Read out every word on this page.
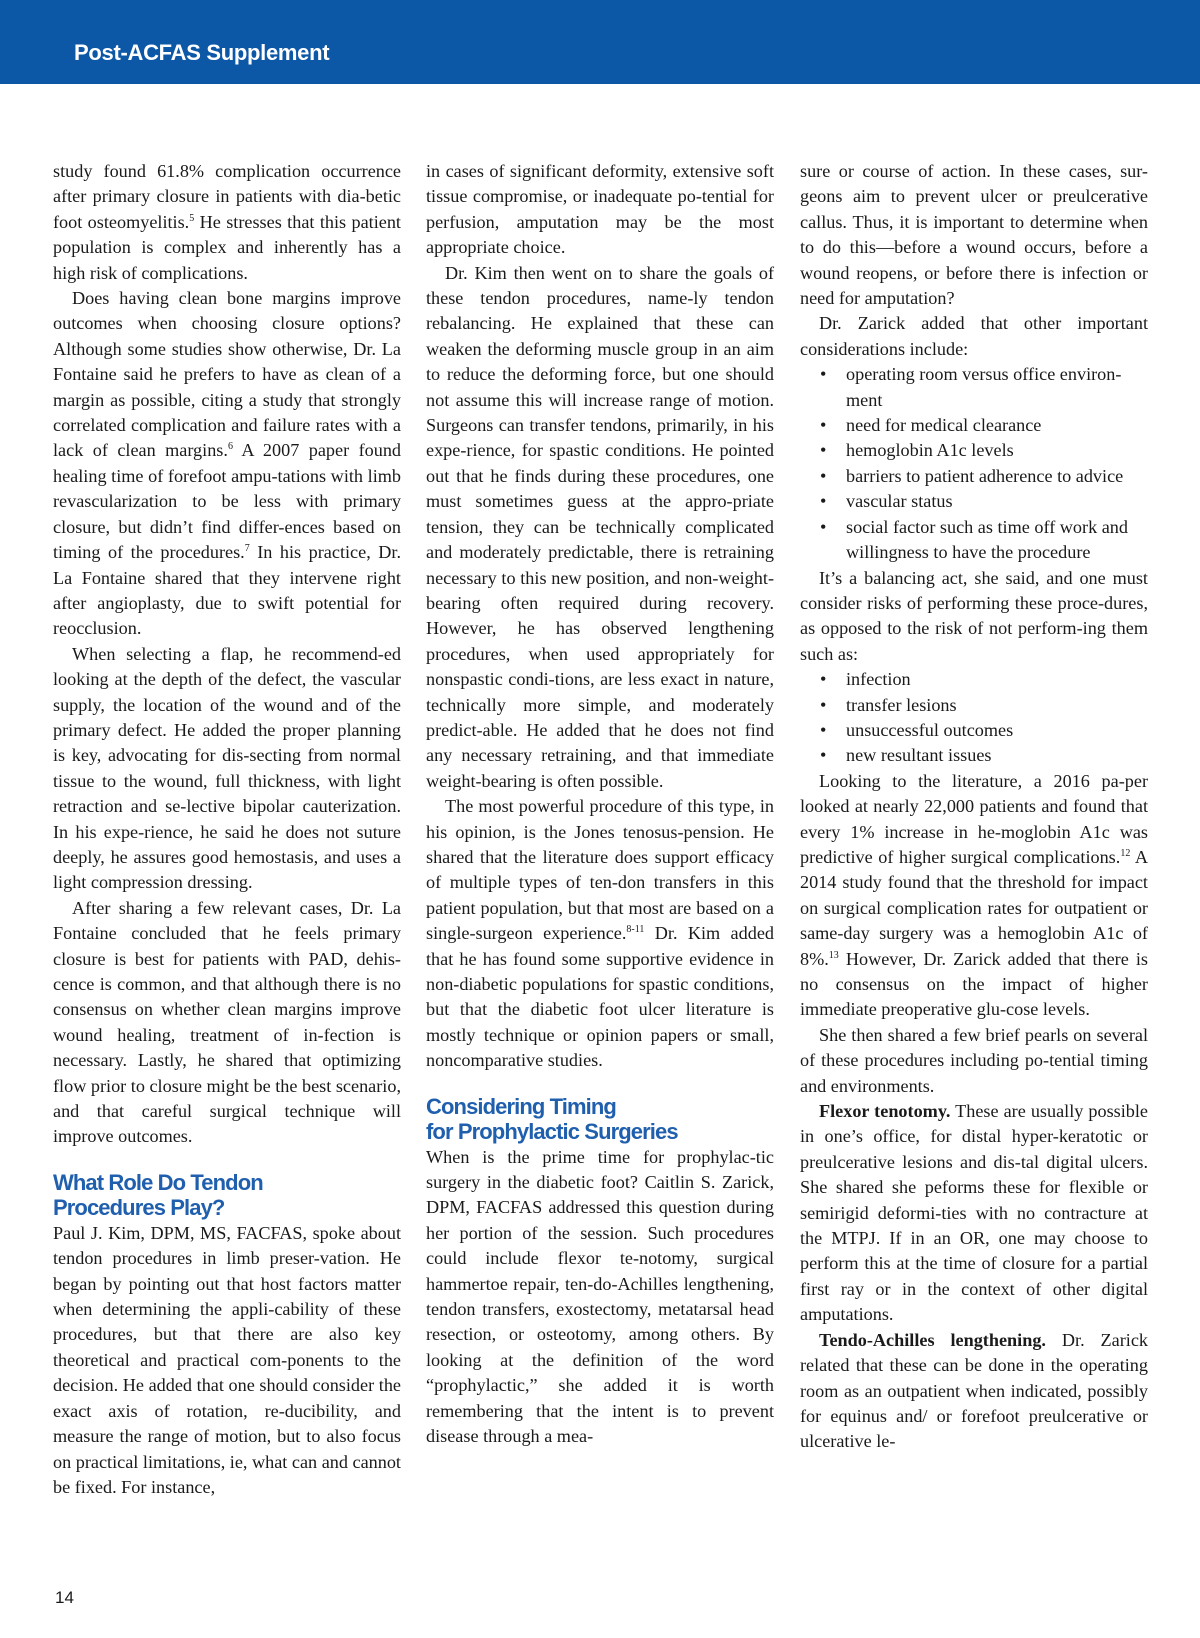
Post-ACFAS Supplement

study found 61.8% complication occurrence after primary closure in patients with dia-betic foot osteomyelitis.$^5$ He stresses that this patient population is complex and inherently has a high risk of complications.

Does having clean bone margins improve outcomes when choosing closure options? Although some studies show otherwise, Dr. La Fontaine said he prefers to have as clean of a margin as possible, citing a study that strongly correlated complication and failure rates with a lack of clean margins.$^6$ A 2007 paper found healing time of forefoot ampu-tations with limb revascularization to be less with primary closure, but didn’t find differ-ences based on timing of the procedures.$^7$ In his practice, Dr. La Fontaine shared that they intervene right after angioplasty, due to swift potential for reocclusion.

When selecting a flap, he recommend-ed looking at the depth of the defect, the vascular supply, the location of the wound and of the primary defect. He added the proper planning is key, advocating for dis-secting from normal tissue to the wound, full thickness, with light retraction and se-lective bipolar cauterization. In his expe-rience, he said he does not suture deeply, he assures good hemostasis, and uses a light compression dressing.

After sharing a few relevant cases, Dr. La Fontaine concluded that he feels primary closure is best for patients with PAD, dehis-cence is common, and that although there is no consensus on whether clean margins improve wound healing, treatment of in-fection is necessary. Lastly, he shared that optimizing flow prior to closure might be the best scenario, and that careful surgical technique will improve outcomes.

What Role Do Tendon
Procedures Play?

Paul J. Kim, DPM, MS, FACFAS, spoke about tendon procedures in limb preser-vation. He began by pointing out that host factors matter when determining the appli-cability of these procedures, but that there are also key theoretical and practical com-ponents to the decision. He added that one should consider the exact axis of rotation, re-ducibility, and measure the range of motion, but to also focus on practical limitations, ie, what can and cannot be fixed. For instance,

in cases of significant deformity, extensive soft tissue compromise, or inadequate po-tential for perfusion, amputation may be the most appropriate choice.

Dr. Kim then went on to share the goals of these tendon procedures, name-ly tendon rebalancing. He explained that these can weaken the deforming muscle group in an aim to reduce the deforming force, but one should not assume this will increase range of motion. Surgeons can transfer tendons, primarily, in his expe-rience, for spastic conditions. He pointed out that he finds during these procedures, one must sometimes guess at the appro-priate tension, they can be technically complicated and moderately predictable, there is retraining necessary to this new position, and non-weight-bearing often required during recovery. However, he has observed lengthening procedures, when used appropriately for nonspastic condi-tions, are less exact in nature, technically more simple, and moderately predict-able. He added that he does not find any necessary retraining, and that immediate weight-bearing is often possible.

The most powerful procedure of this type, in his opinion, is the Jones tenosus-pension. He shared that the literature does support efficacy of multiple types of ten-don transfers in this patient population, but that most are based on a single-surgeon experience.$^{8-11}$ Dr. Kim added that he has found some supportive evidence in non-diabetic populations for spastic conditions, but that the diabetic foot ulcer literature is mostly technique or opinion papers or small, noncomparative studies.

Considering Timing
for Prophylactic Surgeries

When is the prime time for prophylac-tic surgery in the diabetic foot? Caitlin S. Zarick, DPM, FACFAS addressed this question during her portion of the session. Such procedures could include flexor te-notomy, surgical hammertoe repair, ten-do-Achilles lengthening, tendon transfers, exostectomy, metatarsal head resection, or osteotomy, among others. By looking at the definition of the word “prophylactic,” she added it is worth remembering that the intent is to prevent disease through a mea-

sure or course of action. In these cases, sur-geons aim to prevent ulcer or preulcerative callus. Thus, it is important to determine when to do this—before a wound occurs, before a wound reopens, or before there is infection or need for amputation?

Dr. Zarick added that other important considerations include:

• operating room versus office environ-ment
• need for medical clearance
• hemoglobin A1c levels
• barriers to patient adherence to advice
• vascular status
• social factor such as time off work and willingness to have the procedure

It’s a balancing act, she said, and one must consider risks of performing these proce-dures, as opposed to the risk of not perform-ing them such as:

• infection
• transfer lesions
• unsuccessful outcomes
• new resultant issues

Looking to the literature, a 2016 pa-per looked at nearly 22,000 patients and found that every 1% increase in he-moglobin A1c was predictive of higher surgical complications.$^{12}$ A 2014 study found that the threshold for impact on surgical complication rates for outpatient or same-day surgery was a hemoglobin A1c of 8%.$^{13}$ However, Dr. Zarick added that there is no consensus on the impact of higher immediate preoperative glu-cose levels.

She then shared a few brief pearls on several of these procedures including po-tential timing and environments.

Flexor tenotomy. These are usually possible in one’s office, for distal hyper-keratotic or preulcerative lesions and dis-tal digital ulcers. She shared she peforms these for flexible or semirigid deformi-ties with no contracture at the MTPJ. If in an OR, one may choose to perform this at the time of closure for a partial first ray or in the context of other digital amputations.

Tendo-Achilles lengthening. Dr. Zarick related that these can be done in the operating room as an outpatient when indicated, possibly for equinus and/ or forefoot preulcerative or ulcerative le-

14
